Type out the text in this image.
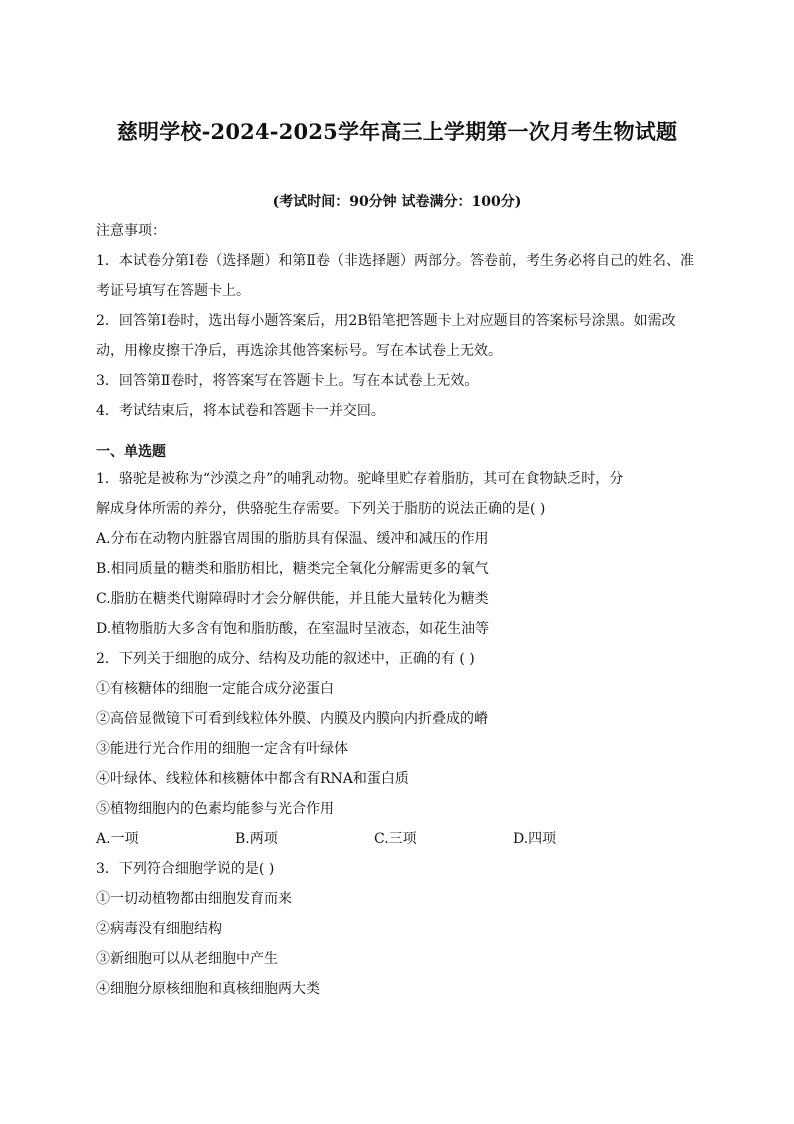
慈明学校-2024-2025学年高三上学期第一次月考生物试题
(考试时间：90分钟 试卷满分：100分)
注意事项：
1．本试卷分第Ⅰ卷（选择题）和第Ⅱ卷（非选择题）两部分。答卷前，考生务必将自己的姓名、准考证号填写在答题卡上。
2．回答第Ⅰ卷时，选出每小题答案后，用2B铅笔把答题卡上对应题目的答案标号涂黑。如需改动，用橡皮擦干净后，再选涂其他答案标号。写在本试卷上无效。
3．回答第Ⅱ卷时，将答案写在答题卡上。写在本试卷上无效。
4．考试结束后，将本试卷和答题卡一并交回。
一、单选题
1．骆驼是被称为“沙漠之舟”的哺乳动物。驼峰里贮存着脂肪，其可在食物缺乏时，分
解成身体所需的养分，供骆驼生存需要。下列关于脂肪的说法正确的是( )
A.分布在动物内脏器官周围的脂肪具有保温、缓冲和减压的作用
B.相同质量的糖类和脂肪相比，糖类完全氧化分解需更多的氧气
C.脂肪在糖类代谢障碍时才会分解供能，并且能大量转化为糖类
D.植物脂肪大多含有饱和脂肪酸，在室温时呈液态，如花生油等
2．下列关于细胞的成分、结构及功能的叙述中，正确的有 ( )
①有核糖体的细胞一定能合成分泌蛋白
②高倍显微镜下可看到线粒体外膜、内膜及内膜向内折叠成的嵴
③能进行光合作用的细胞一定含有叶绿体
④叶绿体、线粒体和核糖体中都含有RNA和蛋白质
⑤植物细胞内的色素均能参与光合作用
A.一项	B.两项	C.三项	D.四项
3．下列符合细胞学说的是( )
①一切动植物都由细胞发育而来
②病毒没有细胞结构
③新细胞可以从老细胞中产生
④细胞分原核细胞和真核细胞两大类
